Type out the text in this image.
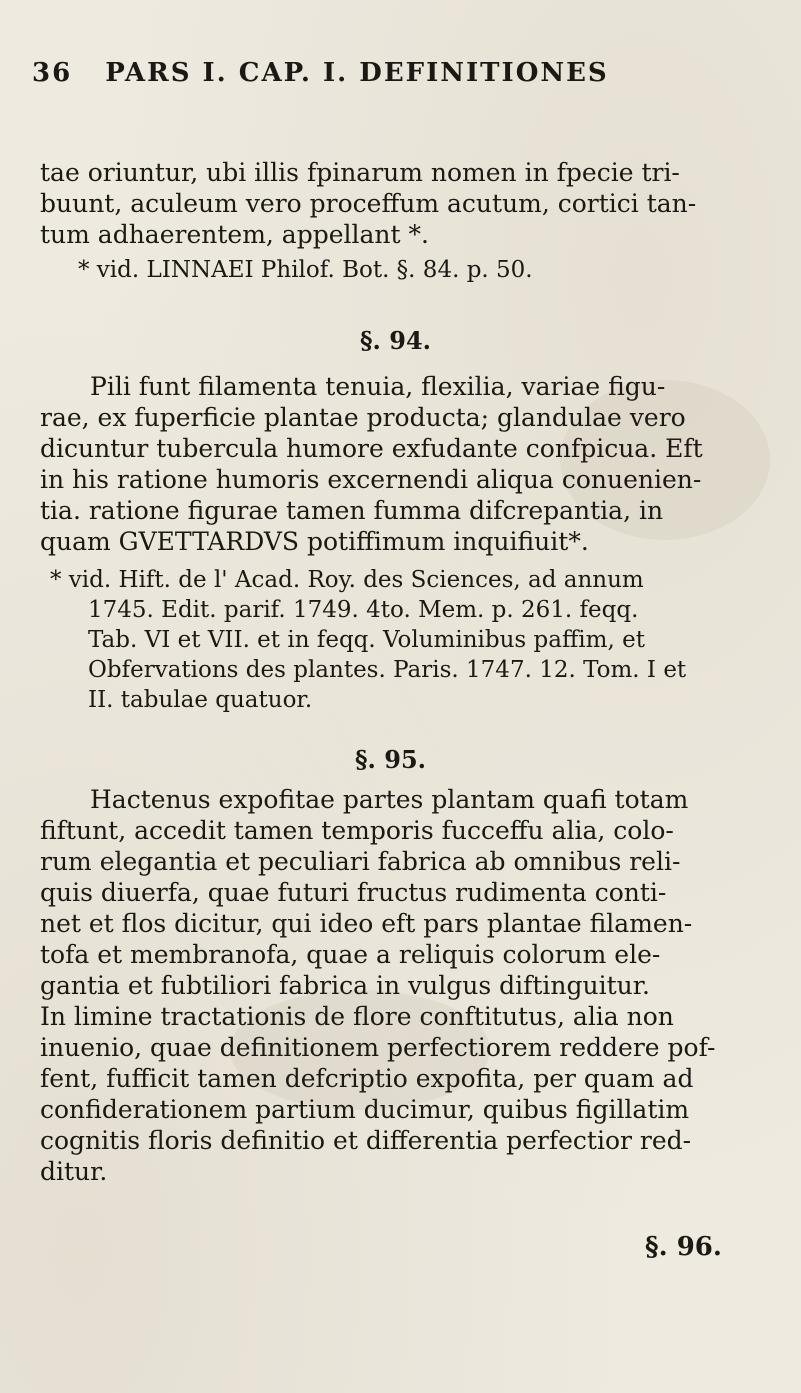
36 PARS I. CAP. I. DEFINITIONES
tae oriuntur, ubi illis fpinarum nomen in fpecie tri-
buunt, aculeum vero proceffum acutum, cortici tan-
tum adhaerentem, appellant *.
* vid. LINNAEI Philof. Bot. §. 84. p. 50.
§. 94.
Pili funt filamenta tenuia, flexilia, variae figu-
rae, ex fuperficie plantae producta; glandulae vero
dicuntur tubercula humore exfudante confpicua. Eft
in his ratione humoris excernendi aliqua conuenien-
tia. ratione figurae tamen fumma difcrepantia, in
quam GVETTARDVS potiffimum inquifiuit*.
* vid. Hift. de l' Acad. Roy. des Sciences, ad annum
1745. Edit. parif. 1749. 4to. Mem. p. 261. feqq.
Tab. VI et VII. et in feqq. Voluminibus paffim, et
Obfervations des plantes. Paris. 1747. 12. Tom. I et
II. tabulae quatuor.
§. 95.
Hactenus expofitae partes plantam quafi totam
fiftunt, accedit tamen temporis fucceffu alia, colo-
rum elegantia et peculiari fabrica ab omnibus reli-
quis diuerfa, quae futuri fructus rudimenta conti-
net et flos dicitur, qui ideo eft pars plantae filamen-
tofa et membranofa, quae a reliquis colorum ele-
gantia et fubtiliori fabrica in vulgus diftinguitur.
In limine tractationis de flore conftitutus, alia non
inuenio, quae definitionem perfectiorem reddere pof-
fent, fufficit tamen defcriptio expofita, per quam ad
confiderationem partium ducimur, quibus figillatim
cognitis floris definitio et differentia perfectior red-
ditur.
§. 96.
